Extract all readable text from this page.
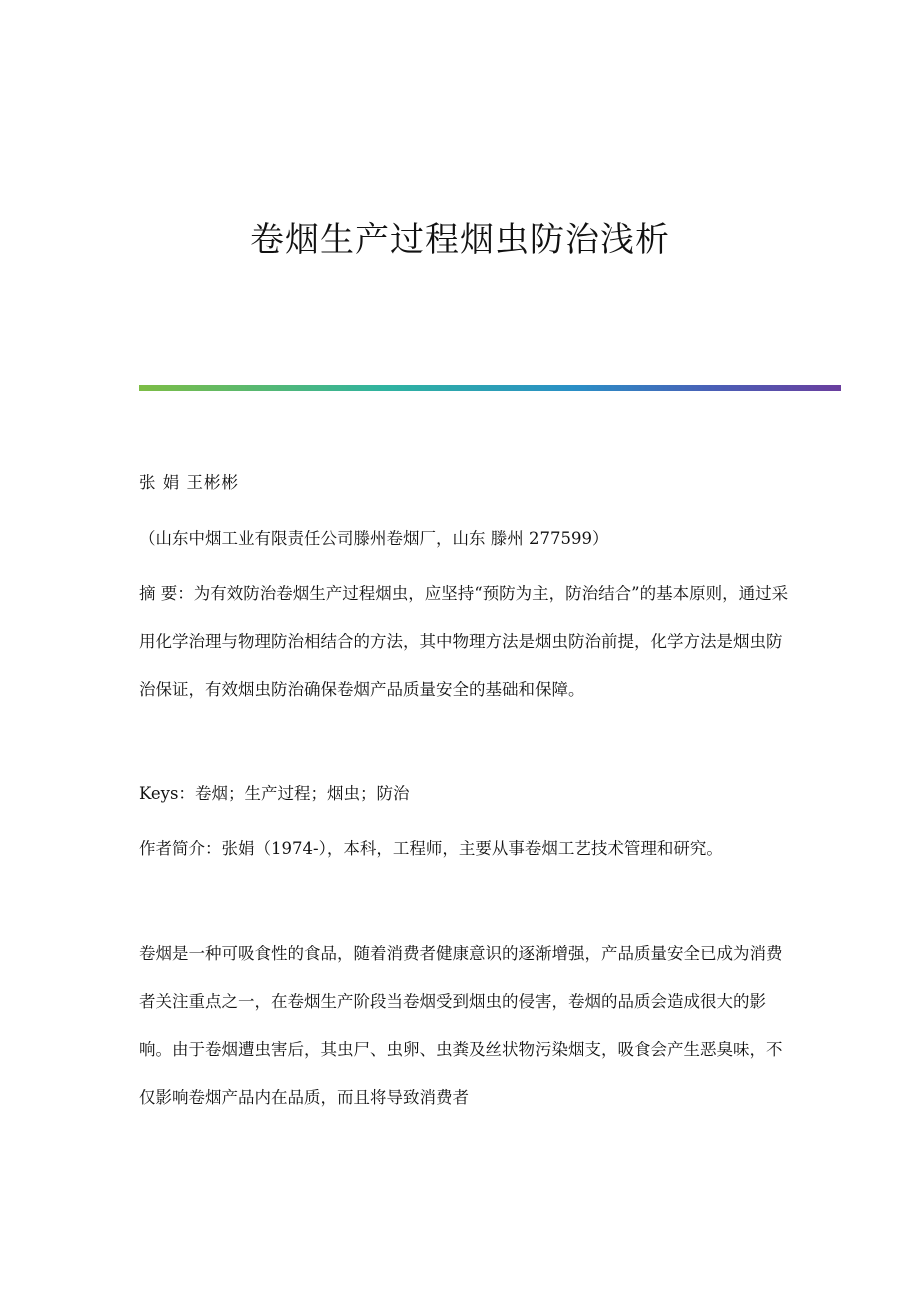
卷烟生产过程烟虫防治浅析

张 娟 王彬彬

（山东中烟工业有限责任公司滕州卷烟厂，山东 滕州 277599）

摘 要：为有效防治卷烟生产过程烟虫，应坚持“预防为主，防治结合”的基本原则，通过采用化学治理与物理防治相结合的方法，其中物理方法是烟虫防治前提，化学方法是烟虫防治保证，有效烟虫防治确保卷烟产品质量安全的基础和保障。

Keys：卷烟；生产过程；烟虫；防治

作者简介：张娟（1974-），本科，工程师，主要从事卷烟工艺技术管理和研究。

卷烟是一种可吸食性的食品，随着消费者健康意识的逐渐增强，产品质量安全已成为消费者关注重点之一，在卷烟生产阶段当卷烟受到烟虫的侵害，卷烟的品质会造成很大的影响。由于卷烟遭虫害后，其虫尸、虫卵、虫粪及丝状物污染烟支，吸食会产生恶臭味，不仅影响卷烟产品内在品质，而且将导致消费者
